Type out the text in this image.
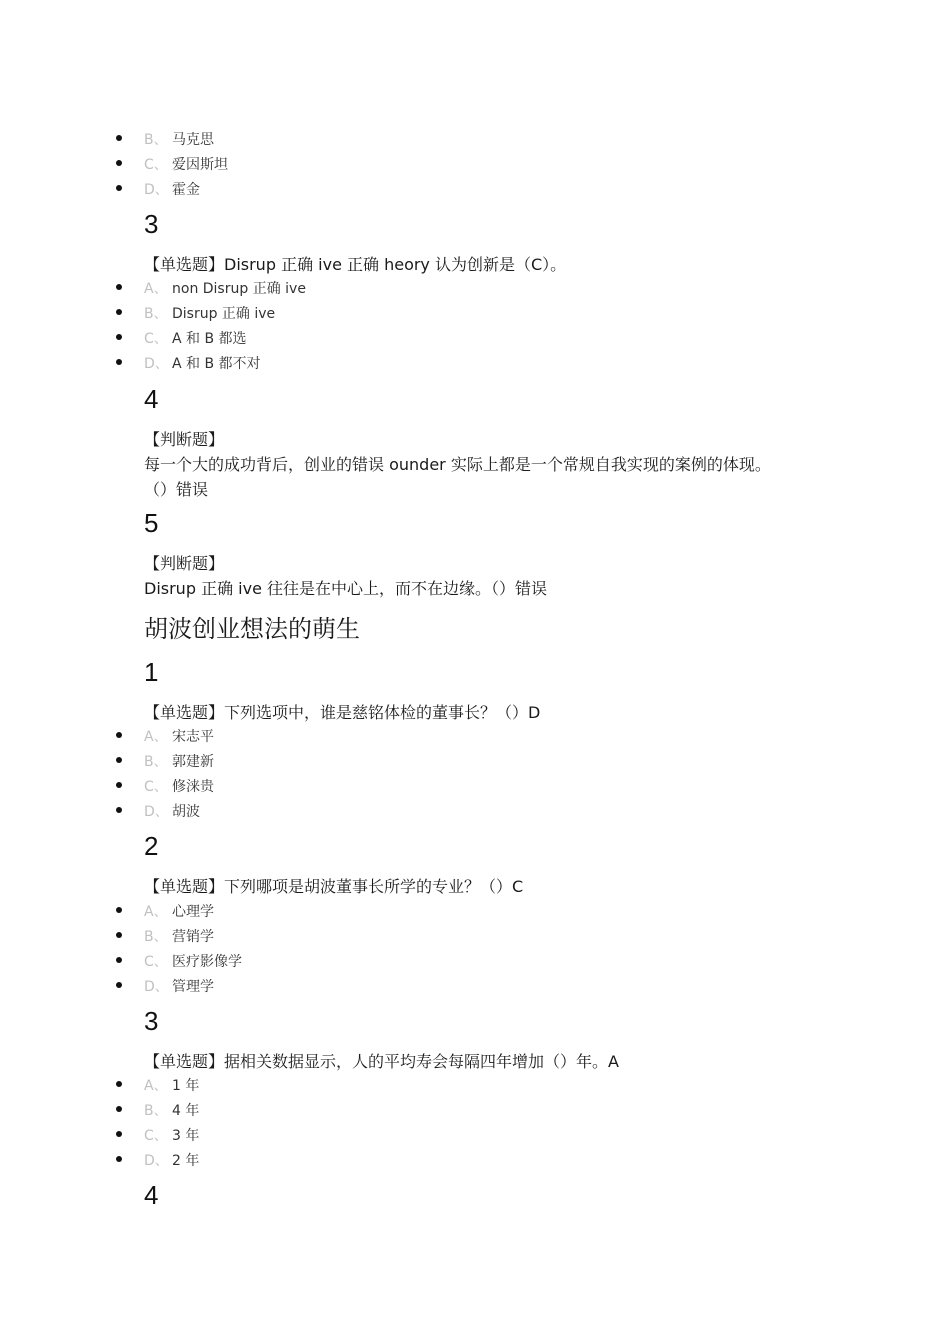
B、 马克思
C、 爱因斯坦
D、 霍金
3
【单选题】Disrup 正确 ive 正确 heory 认为创新是（C）。
A、 non Disrup 正确 ive
B、 Disrup 正确 ive
C、 A 和 B 都选
D、 A 和 B 都不对
4
【判断题】
每一个大的成功背后，创业的错误 ounder 实际上都是一个常规自我实现的案例的体现。
（）错误
5
【判断题】
Disrup 正确 ive 往往是在中心上，而不在边缘。（）错误
胡波创业想法的萌生
1
【单选题】下列选项中，谁是慈铭体检的董事长？（）D
A、 宋志平
B、 郭建新
C、 修涞贵
D、 胡波
2
【单选题】下列哪项是胡波董事长所学的专业？（）C
A、 心理学
B、 营销学
C、 医疗影像学
D、 管理学
3
【单选题】据相关数据显示，人的平均寿会每隔四年增加（）年。A
A、 1 年
B、 4 年
C、 3 年
D、 2 年
4
